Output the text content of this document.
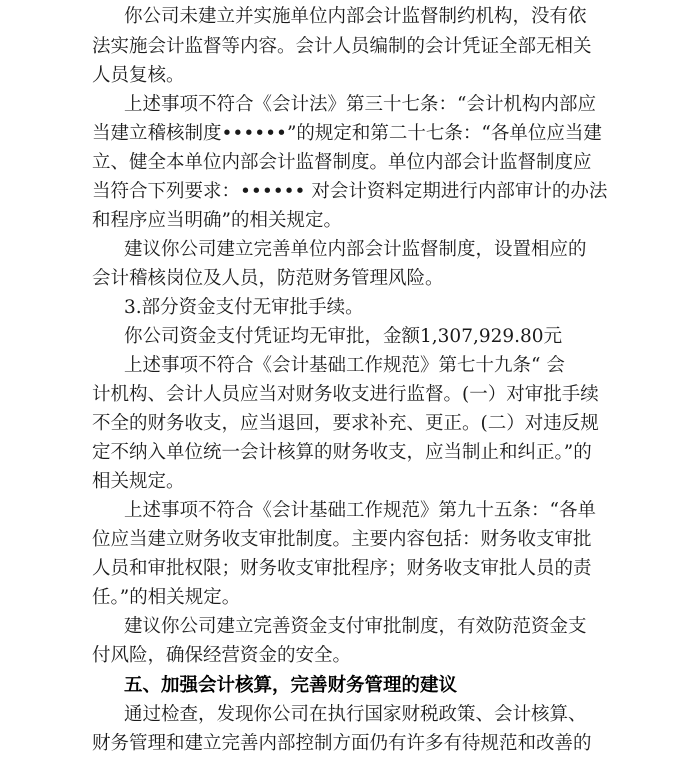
你公司未建立并实施单位内部会计监督制约机构，没有依
法实施会计监督等内容。会计人员编制的会计凭证全部无相关
人员复核。
上述事项不符合《会计法》第三十七条：“会计机构内部应
当建立稽核制度••••••”的规定和第二十七条：“各单位应当建
立、健全本单位内部会计监督制度。单位内部会计监督制度应
当符合下列要求：•••••• 对会计资料定期进行内部审计的办法
和程序应当明确”的相关规定。
建议你公司建立完善单位内部会计监督制度，设置相应的
会计稽核岗位及人员，防范财务管理风险。
3.部分资金支付无审批手续。
你公司资金支付凭证均无审批，金额1,307,929.80元
上述事项不符合《会计基础工作规范》第七十九条“ 会
计机构、会计人员应当对财务收支进行监督。(一）对审批手续
不全的财务收支，应当退回，要求补充、更正。(二）对违反规
定不纳入单位统一会计核算的财务收支，应当制止和纠正。”的
相关规定。
上述事项不符合《会计基础工作规范》第九十五条：“各单
位应当建立财务收支审批制度。主要内容包括：财务收支审批
人员和审批权限；财务收支审批程序；财务收支审批人员的责
任。”的相关规定。
建议你公司建立完善资金支付审批制度，有效防范资金支
付风险，确保经营资金的安全。
五、加强会计核算，完善财务管理的建议
通过检查，发现你公司在执行国家财税政策、会计核算、
财务管理和建立完善内部控制方面仍有许多有待规范和改善的
